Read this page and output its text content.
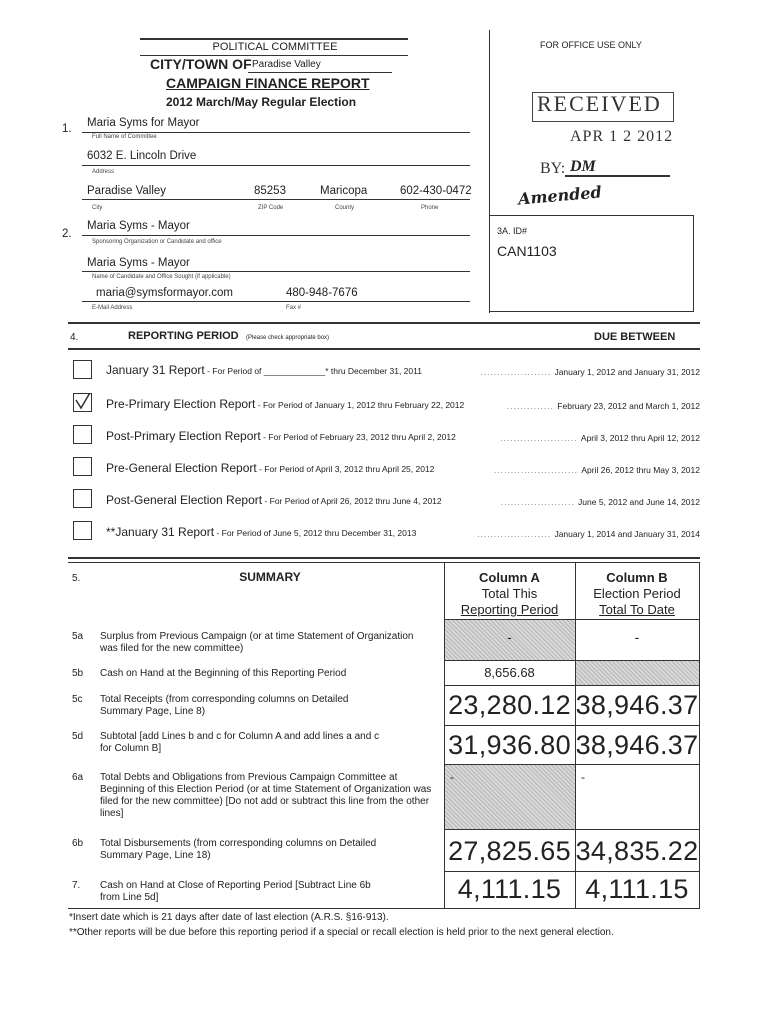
POLITICAL COMMITTEE
CITY/TOWN OF Paradise Valley
CAMPAIGN FINANCE REPORT
2012 March/May Regular Election
FOR OFFICE USE ONLY
RECEIVED
APR 1 2 2012
BY: DM
Amended
1. Maria Syms for Mayor
Full Name of Committee
6032 E. Lincoln Drive
Address
Paradise Valley	85253	Maricopa	602-430-0472
City	ZIP Code	County	Phone
2.
Maria Syms - Mayor
Sponsoring Organization or Candidate and office
Maria Syms - Mayor
Name of Candidate and Office Sought (if applicable)
maria@symsformayor.com	480-948-7676
E-Mail Address	Fax #
3A. ID#
CAN1103
4.	REPORTING PERIOD (Please check appropriate box)	DUE BETWEEN
January 31 Report - For Period of _____________* thru December 31, 2011	..................... January 1, 2012 and January 31, 2012
Pre-Primary Election Report - For Period of January 1, 2012 thru February 22, 2012	.............. February 23, 2012 and March 1, 2012
Post-Primary Election Report - For Period of February 23, 2012 thru April 2, 2012	....................... April 3, 2012 thru April 12, 2012
Pre-General Election Report - For Period of April 3, 2012 thru April 25, 2012	......................... April 26, 2012 thru May 3, 2012
Post-General Election Report - For Period of April 26, 2012 thru June 4, 2012	...................... June 5, 2012 and June 14, 2012
**January 31 Report - For Period of June 5, 2012 thru December 31, 2013	...................... January 1, 2014 and January 31, 2014
5.	SUMMARY	Column A
Total This
Reporting Period
Column B
Election Period
Total To Date
5a Surplus from Previous Campaign (or at time Statement of Organization was filed for the new committee)
-	-
5b Cash on Hand at the Beginning of this Reporting Period	8,656.68
5c Total Receipts (from corresponding columns on Detailed Summary Page, Line 8)	23,280.12 38,946.37
5d Subtotal [add Lines b and c for Column A and add lines a and c for Column B]	31,936.80 38,946.37
6a Total Debts and Obligations from Previous Campaign Committee at Beginning of this Election Period (or at time Statement of Organization was filed for the new committee) [Do not add or subtract this line from the other lines]
-	-
6b Total Disbursements (from corresponding columns on Detailed Summary Page, Line 18)	27,825.65 34,835.22
7. Cash on Hand at Close of Reporting Period [Subtract Line 6b from Line 5d]	4,111.15 4,111.15
*Insert date which is 21 days after date of last election (A.R.S. §16-913).
**Other reports will be due before this reporting period if a special or recall election is held prior to the next general election.
